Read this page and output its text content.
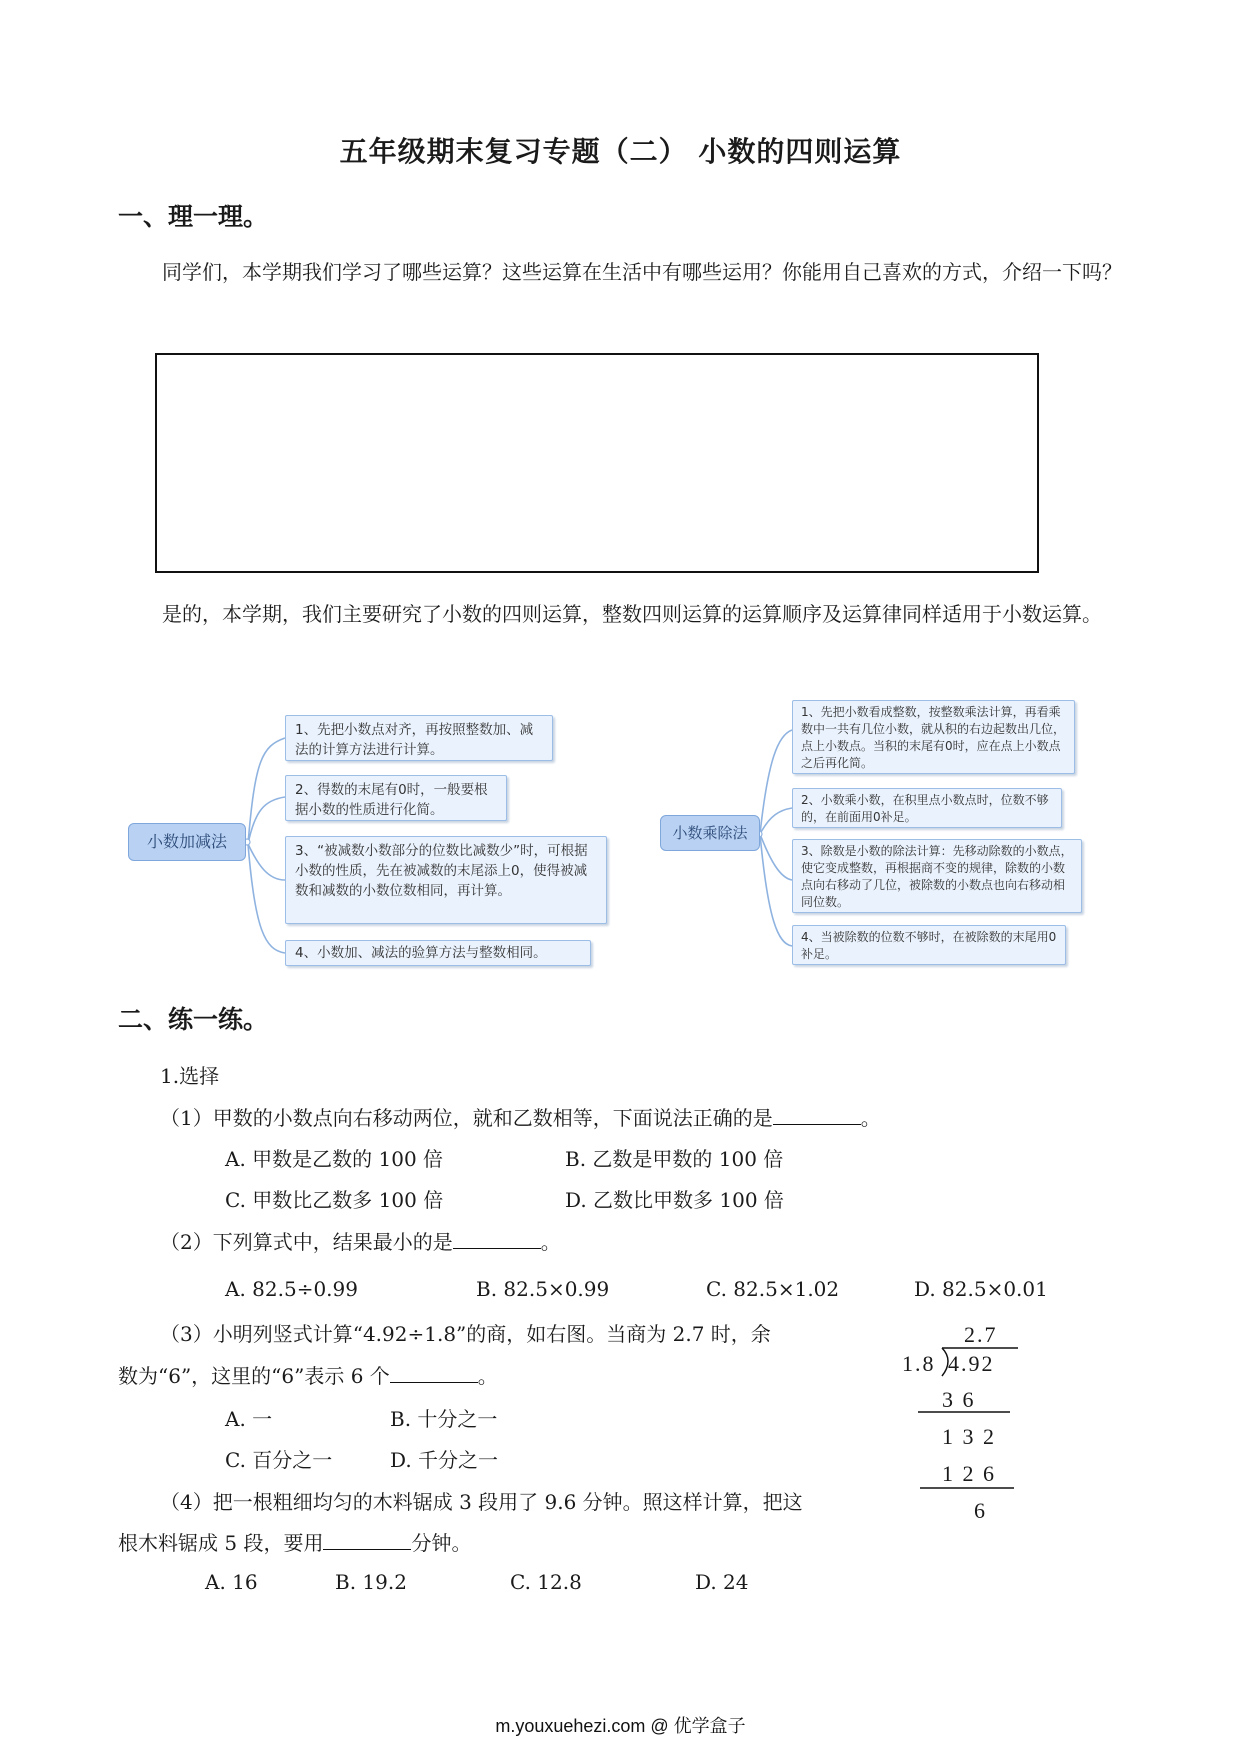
五年级期末复习专题（二） 小数的四则运算
一、理一理。
同学们，本学期我们学习了哪些运算？这些运算在生活中有哪些运用？你能用自己喜欢的方式，介绍一下吗？
是的，本学期，我们主要研究了小数的四则运算，整数四则运算的运算顺序及运算律同样适用于小数运算。
小数加减法
1、先把小数点对齐，再按照整数加、减法的计算方法进行计算。
2、得数的末尾有0时，一般要根据小数的性质进行化简。
3、“被减数小数部分的位数比减数少”时，可根据小数的性质，先在被减数的末尾添上0，使得被减数和减数的小数位数相同，再计算。
4、小数加、减法的验算方法与整数相同。
小数乘除法
1、先把小数看成整数，按整数乘法计算，再看乘数中一共有几位小数，就从积的右边起数出几位，点上小数点。当积的末尾有0时，应在点上小数点之后再化简。
2、小数乘小数，在积里点小数点时，位数不够的，在前面用0补足。
3、除数是小数的除法计算：先移动除数的小数点，使它变成整数，再根据商不变的规律，除数的小数点向右移动了几位，被除数的小数点也向右移动相同位数。
4、当被除数的位数不够时，在被除数的末尾用0补足。
二、练一练。
1.选择
（1）甲数的小数点向右移动两位，就和乙数相等，下面说法正确的是	。
A. 甲数是乙数的 100 倍	B. 乙数是甲数的 100 倍
C. 甲数比乙数多 100 倍	D. 乙数比甲数多 100 倍
（2）下列算式中，结果最小的是	。
A. 82.5÷0.99	B. 82.5×0.99	C. 82.5×1.02	D. 82.5×0.01
（3）小明列竖式计算“4.92÷1.8”的商，如右图。当商为 2.7 时，余
数为“6”，这里的“6”表示 6 个	。
A. 一	B. 十分之一
C. 百分之一	D. 千分之一
2.7
1.8 4.92
3 6
1 3 2
1 2 6
6
（4）把一根粗细均匀的木料锯成 3 段用了 9.6 分钟。照这样计算，把这
根木料锯成 5 段，要用	分钟。
A. 16	B. 19.2	C. 12.8	D. 24
m.youxuehezi.com @ 优学盒子
